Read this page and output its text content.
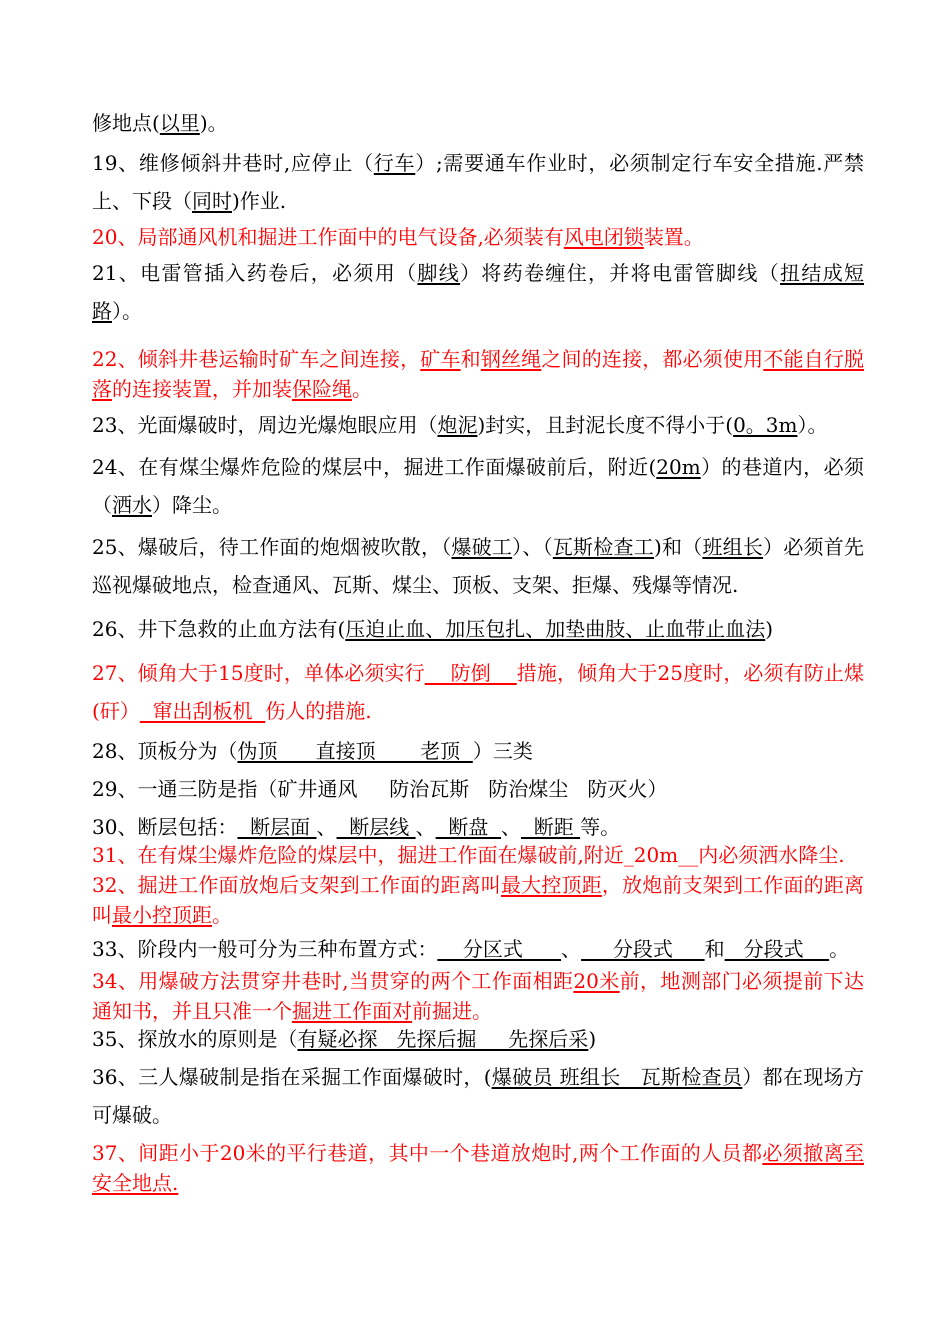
修地点(以里)。

19、维修倾斜井巷时,应停止（行车）;需要通车作业时，必须制定行车安全措施.严禁上、下段（同时)作业.

20、局部通风机和掘进工作面中的电气设备,必须装有风电闭锁装置。

21、电雷管插入药卷后，必须用（脚线）将药卷缠住，并将电雷管脚线（扭结成短路）。

22、倾斜井巷运输时矿车之间连接，矿车和钢丝绳之间的连接，都必须使用不能自行脱落的连接装置，并加装保险绳。

23、光面爆破时，周边光爆炮眼应用（炮泥)封实，且封泥长度不得小于(0。3m）。

24、在有煤尘爆炸危险的煤层中，掘进工作面爆破前后，附近(20m）的巷道内，必须（洒水）降尘。

25、爆破后，待工作面的炮烟被吹散，（爆破工）、（瓦斯检查工)和（班组长）必须首先巡视爆破地点，检查通风、瓦斯、煤尘、顶板、支架、拒爆、残爆等情况.

26、井下急救的止血方法有(压迫止血、加压包扎、加垫曲肢、止血带止血法)

27、倾角大于15度时，单体必须实行    防倒    措施，倾角大于25度时，必须有防止煤(矸）  窜出刮板机  伤人的措施.

28、顶板分为（伪顶      直接顶       老顶  ）三类

29、一通三防是指（矿井通风     防治瓦斯   防治煤尘   防灭火）

30、断层包括：  断层面 、  断层线 、  断盘  、  断距 等。

31、在有煤尘爆炸危险的煤层中，掘进工作面在爆破前,附近_20m__内必须洒水降尘.

32、掘进工作面放炮后支架到工作面的距离叫最大控顶距，放炮前支架到工作面的距离叫最小控顶距。

33、阶段内一般可分为三种布置方式：    分区式      、     分段式     和   分段式    。

34、用爆破方法贯穿井巷时,当贯穿的两个工作面相距20米前，地测部门必须提前下达通知书，并且只准一个掘进工作面对前掘进。

35、探放水的原则是（有疑必探   先探后掘     先探后采)

36、三人爆破制是指在采掘工作面爆破时，(爆破员 班组长   瓦斯检查员）都在现场方可爆破。

37、间距小于20米的平行巷道，其中一个巷道放炮时,两个工作面的人员都必须撤离至安全地点.
